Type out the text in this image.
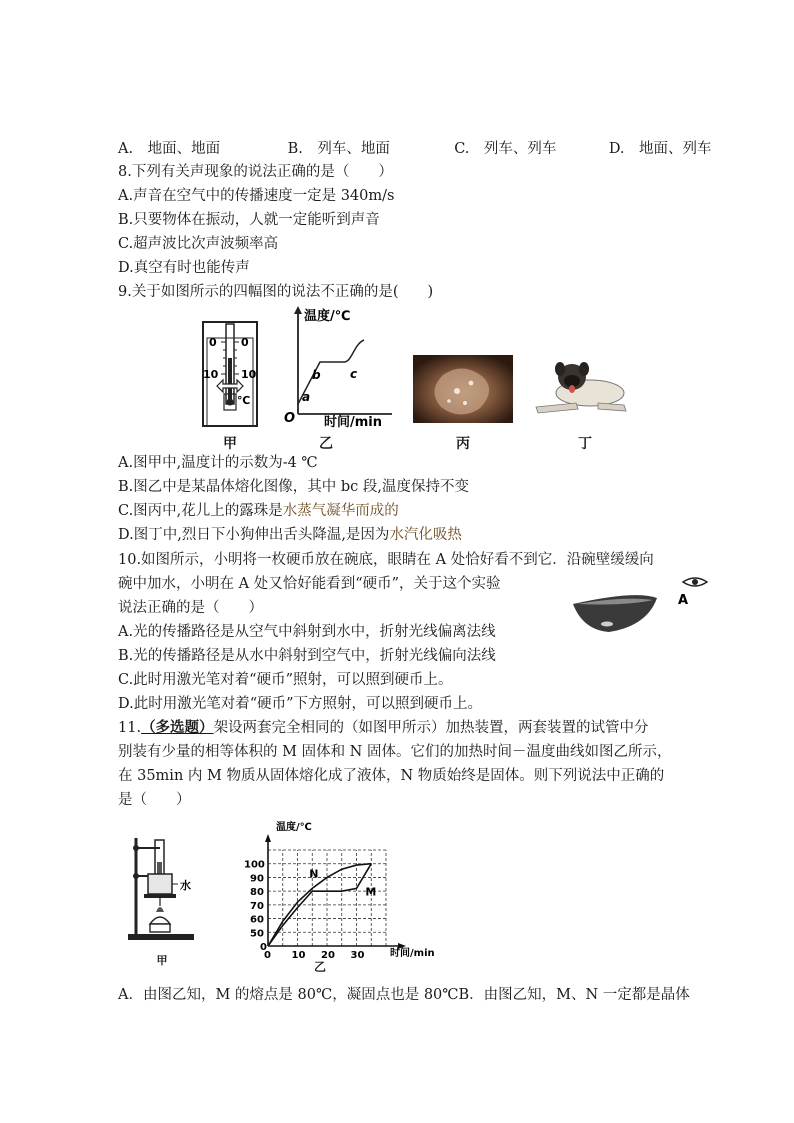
A.　地面、地面	B.　列车、地面	C.　列车、列车	D.　地面、列车
8.下列有关声现象的说法正确的是（　　）
A.声音在空气中的传播速度一定是 340m/s
B.只要物体在振动，人就一定能听到声音
C.超声波比次声波频率高
D.真空有时也能传声
9.关于如图所示的四幅图的说法不正确的是(　　)
0 0
10 10
℃
温度/℃
O
a
b c
时间/min
甲	乙	丙	丁
A.图甲中,温度计的示数为-4 ℃
B.图乙中是某晶体熔化图像，其中 bc 段,温度保持不变
C.图丙中,花儿上的露珠是水蒸气凝华而成的
D.图丁中,烈日下小狗伸出舌头降温,是因为水汽化吸热
10.如图所示，小明将一枚硬币放在碗底，眼睛在 A 处恰好看不到它．沿碗壁缓缓向
碗中加水，小明在 A 处又恰好能看到“硬币”，关于这个实验
说法正确的是（　　）	A
A.光的传播路径是从空气中斜射到水中，折射光线偏离法线
B.光的传播路径是从水中斜射到空气中，折射光线偏向法线
C.此时用激光笔对着“硬币”照射，可以照到硬币上。
D.此时用激光笔对着“硬币”下方照射，可以照到硬币上。
11.（多选题）架设两套完全相同的（如图甲所示）加热装置，两套装置的试管中分
别装有少量的相等体积的 M 固体和 N 固体。它们的加热时间－温度曲线如图乙所示，
在 35min 内 M 物质从固体熔化成了液体，N 物质始终是固体。则下列说法中正确的
是（　　）
水
0 10 20 30
0
50
60
70
80
90
100
N
M
温度/℃
时间/min
甲	乙
A．由图乙知，M 的熔点是 80℃，凝固点也是 80℃B．由图乙知，M、N 一定都是晶体
